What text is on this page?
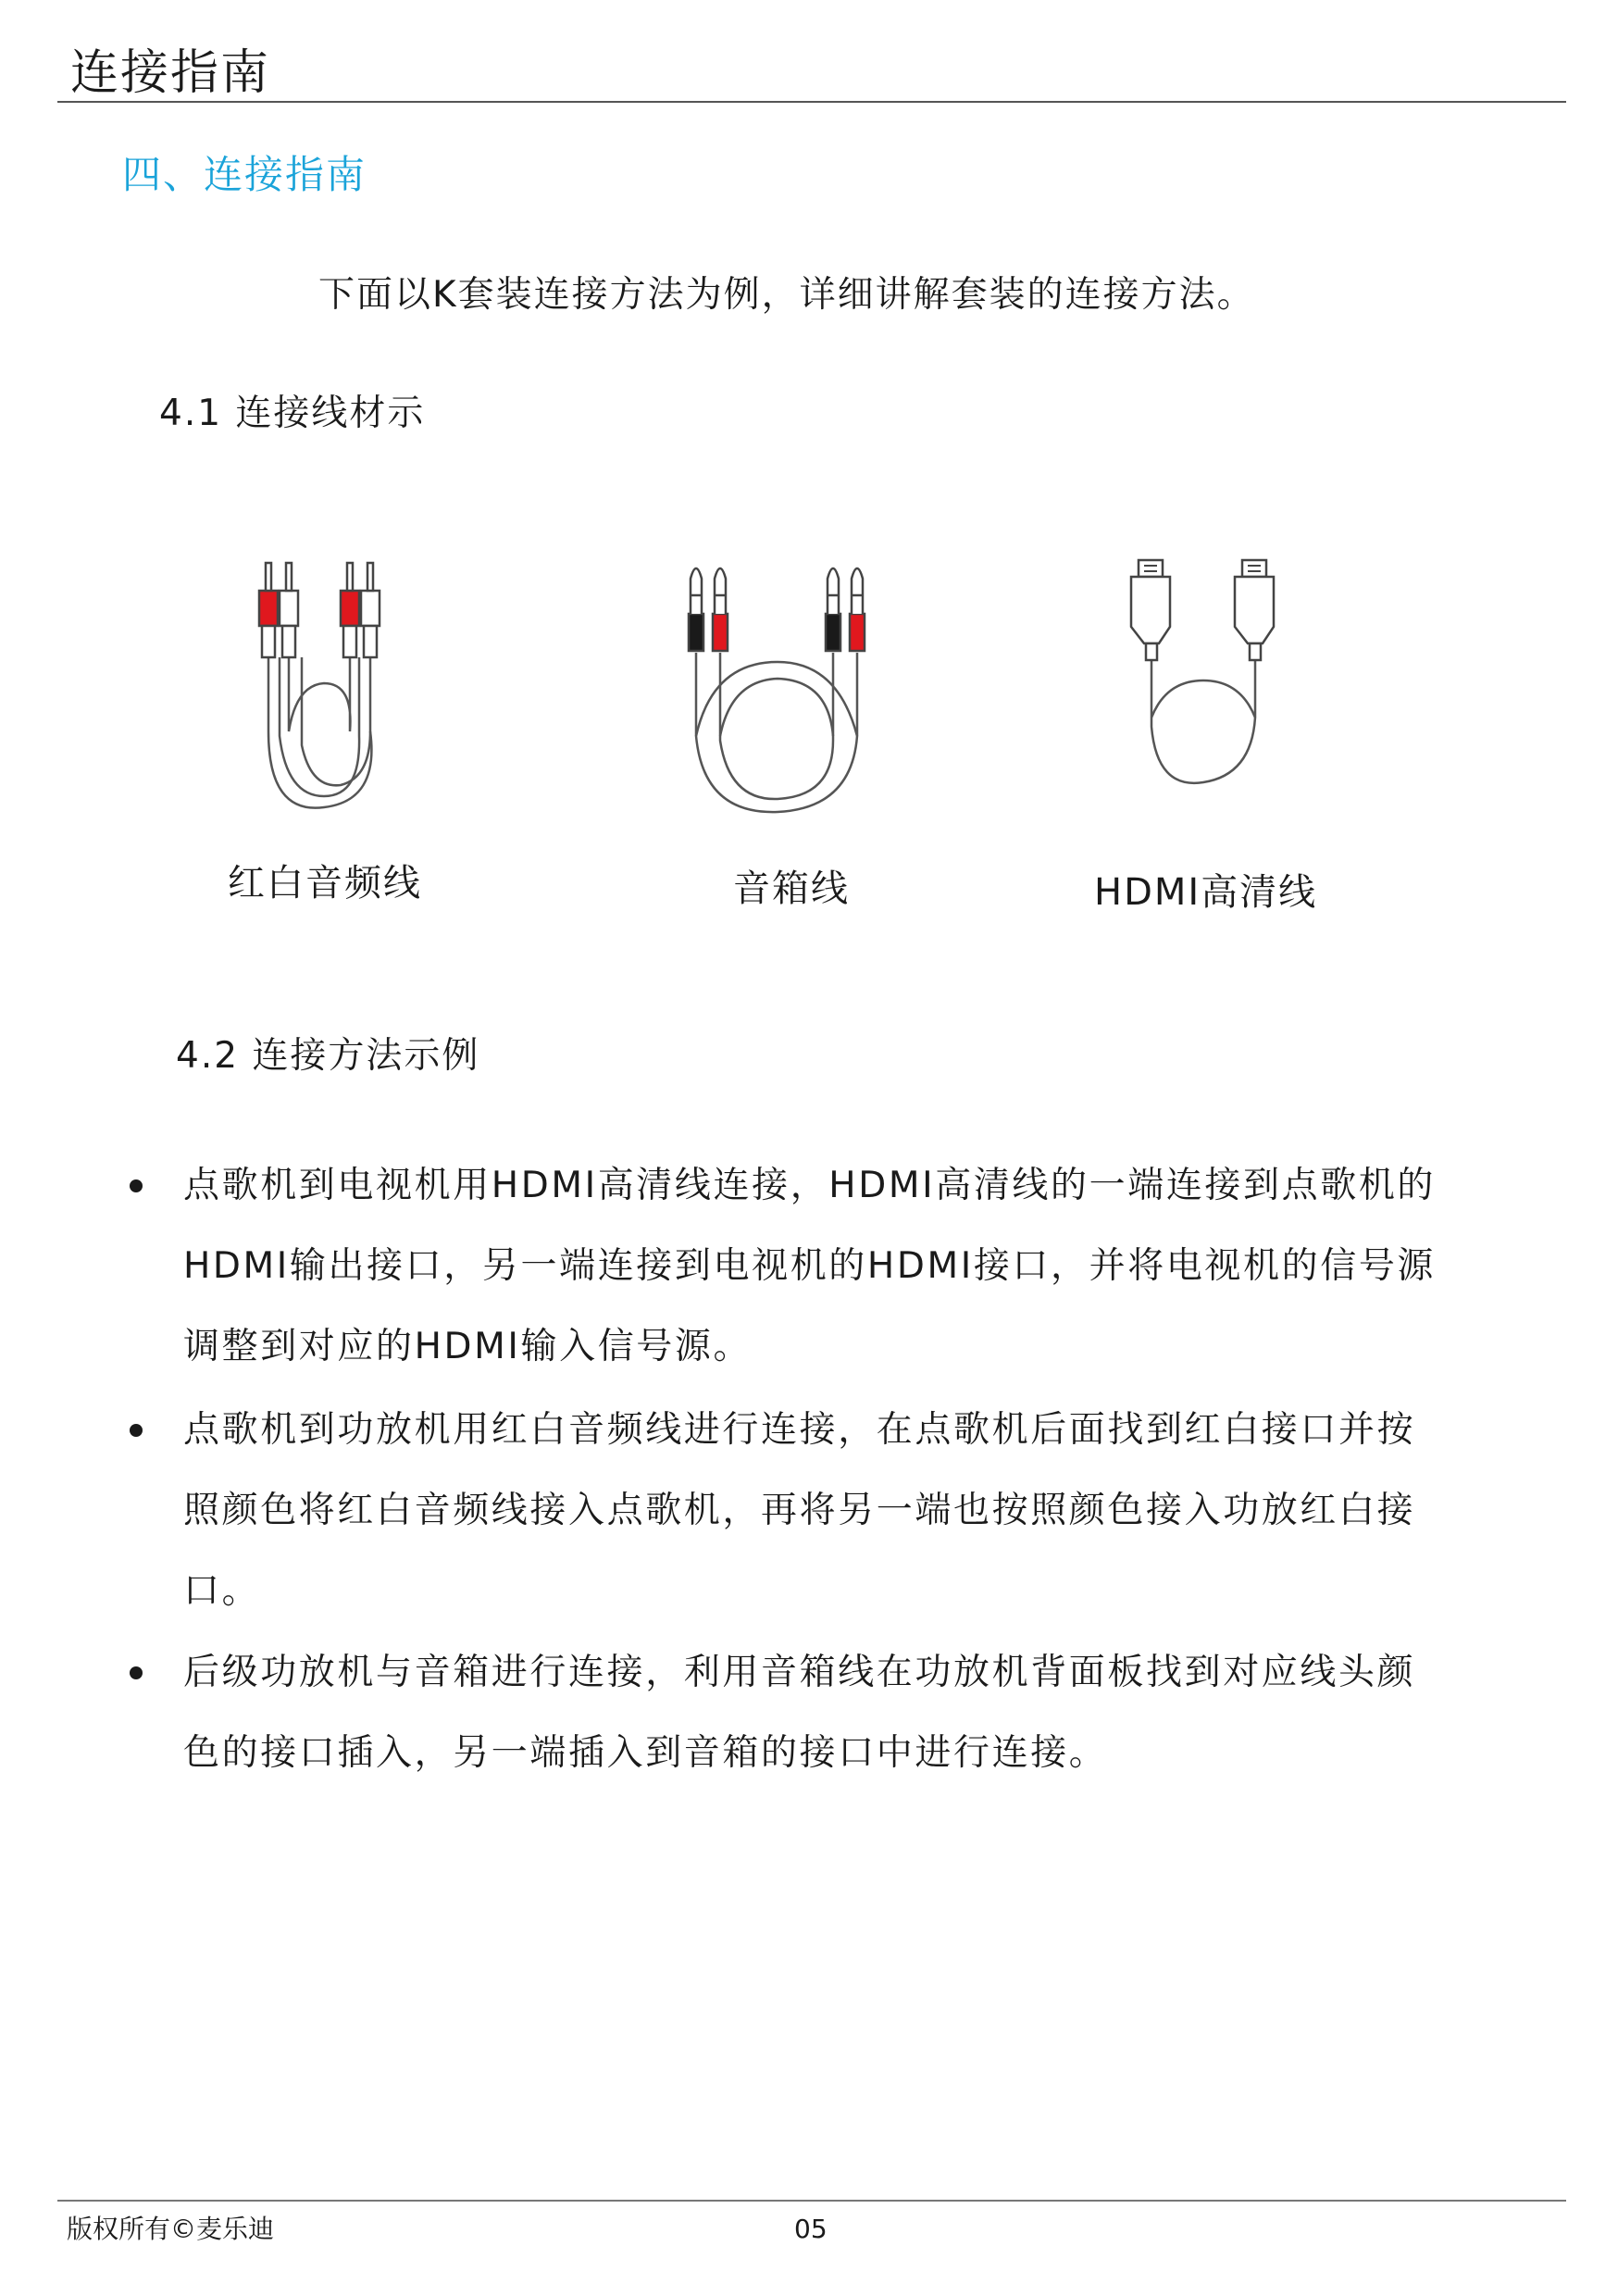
连接指南
四、连接指南
下面以K套装连接方法为例，详细讲解套装的连接方法。
4.1 连接线材示
红白音频线	音箱线	HDMI高清线
4.2 连接方法示例
点歌机到电视机用HDMI高清线连接，HDMI高清线的一端连接到点歌机的
HDMI输出接口，另一端连接到电视机的HDMI接口，并将电视机的信号源
调整到对应的HDMI输入信号源。
点歌机到功放机用红白音频线进行连接，在点歌机后面找到红白接口并按
照颜色将红白音频线接入点歌机，再将另一端也按照颜色接入功放红白接
口。
后级功放机与音箱进行连接，利用音箱线在功放机背面板找到对应线头颜
色的接口插入，另一端插入到音箱的接口中进行连接。
版权所有©麦乐迪	05
